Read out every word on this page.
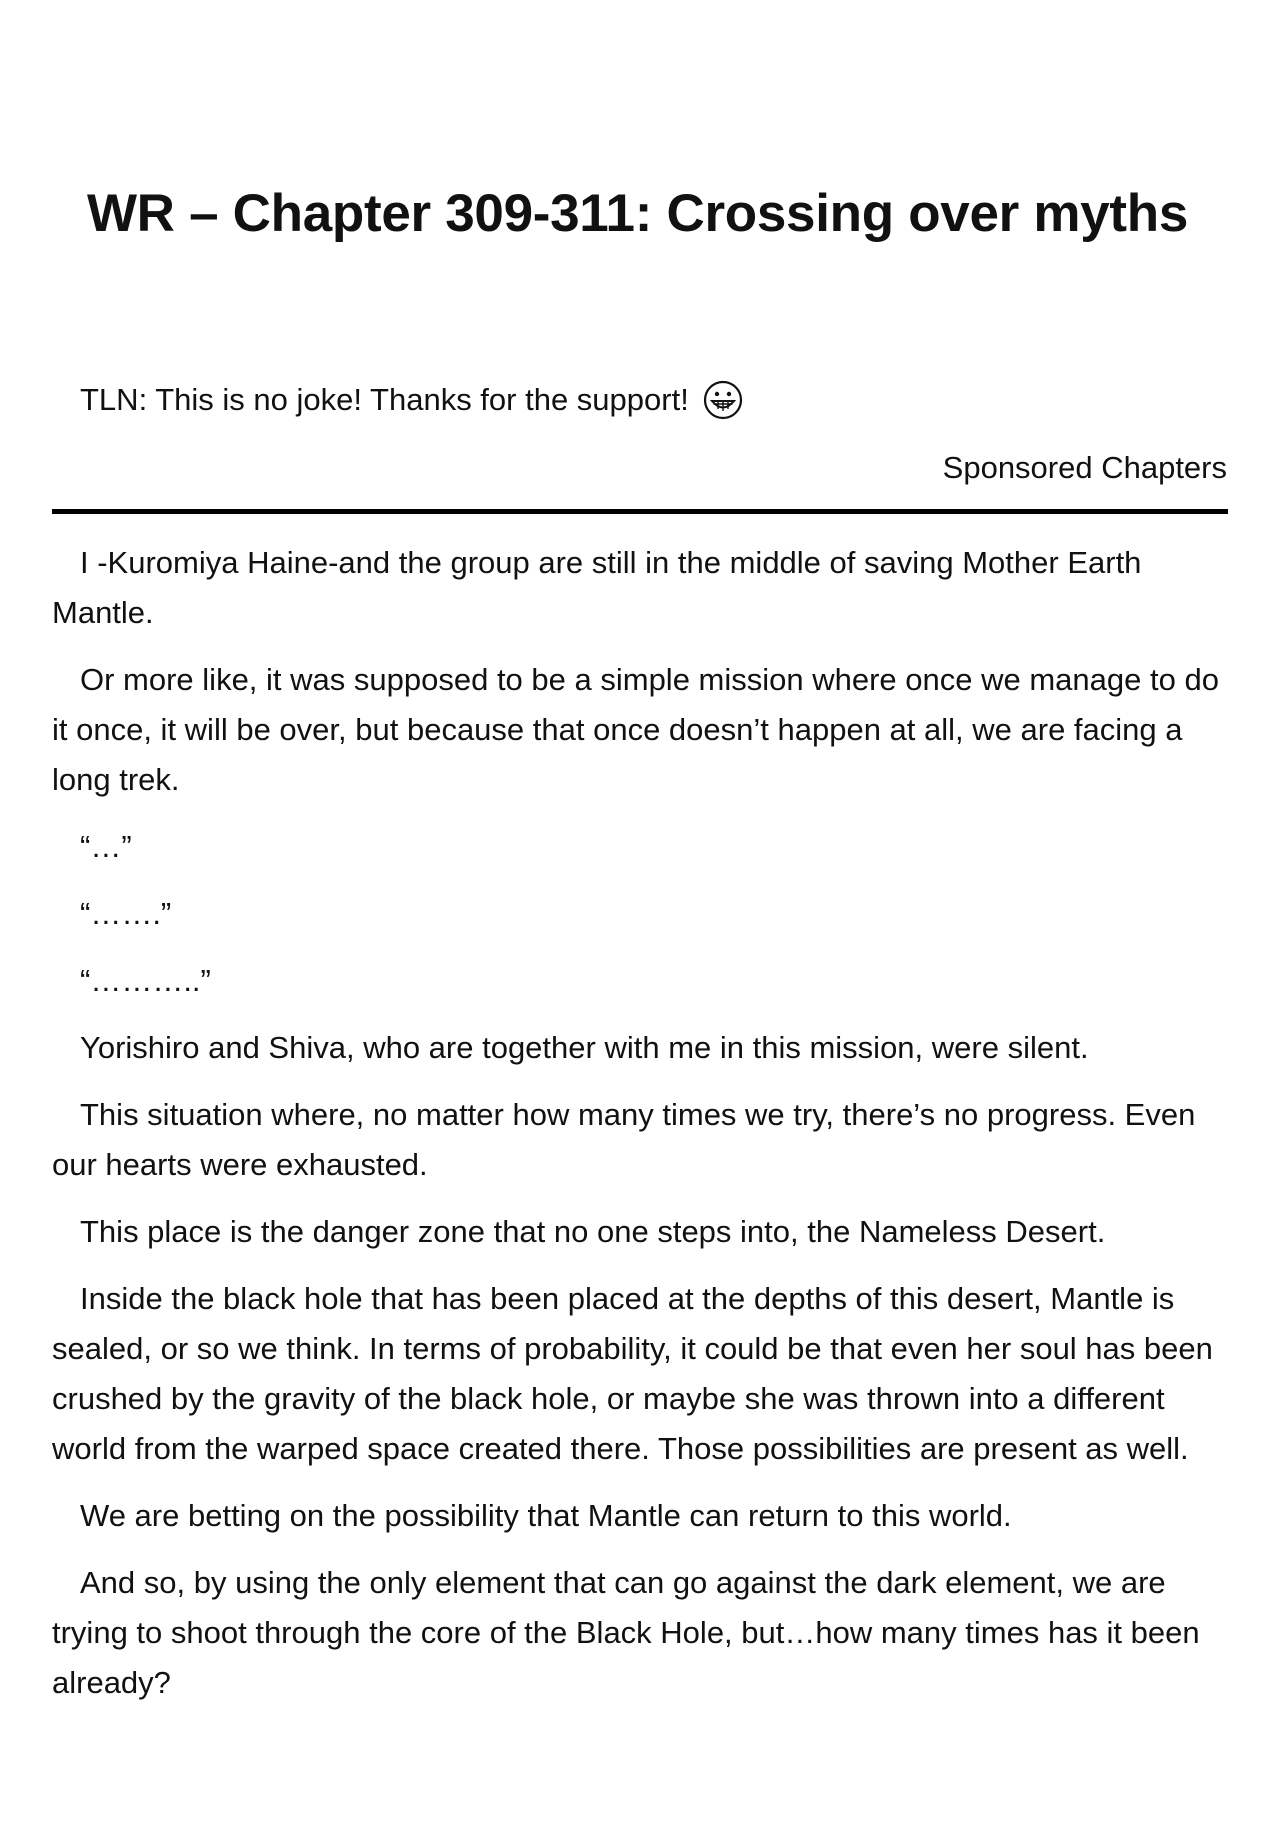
WR – Chapter 309-311: Crossing over myths

TLN: This is no joke! Thanks for the support!

Sponsored Chapters

I -Kuromiya Haine-and the group are still in the middle of saving Mother Earth Mantle.

Or more like, it was supposed to be a simple mission where once we manage to do it once, it will be over, but because that once doesn’t happen at all, we are facing a long trek.

“…”

“…….”

“………..”

Yorishiro and Shiva, who are together with me in this mission, were silent.

This situation where, no matter how many times we try, there’s no progress. Even our hearts were exhausted.

This place is the danger zone that no one steps into, the Nameless Desert.

Inside the black hole that has been placed at the depths of this desert, Mantle is sealed, or so we think. In terms of probability, it could be that even her soul has been crushed by the gravity of the black hole, or maybe she was thrown into a different world from the warped space created there. Those possibilities are present as well.

We are betting on the possibility that Mantle can return to this world.

And so, by using the only element that can go against the dark element, we are trying to shoot through the core of the Black Hole, but…how many times has it been already?
